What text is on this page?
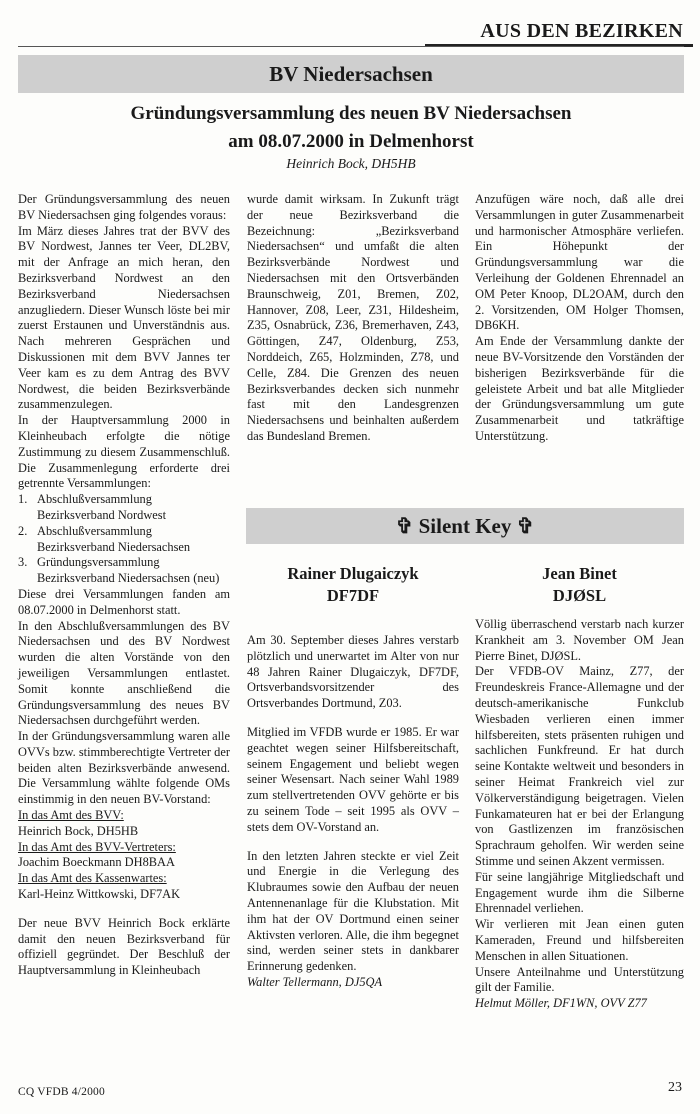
AUS DEN BEZIRKEN
BV Niedersachsen
Gründungsversammlung des neuen BV Niedersachsen
am 08.07.2000 in Delmenhorst
Heinrich Bock, DH5HB

Der Gründungsversammlung des neuen BV Niedersachsen ging folgendes voraus:

Im März dieses Jahres trat der BVV des BV Nordwest, Jannes ter Veer, DL2BV, mit der Anfrage an mich heran, den Bezirksverband Nordwest an den Bezirksverband Niedersachsen anzugliedern. Dieser Wunsch löste bei mir zuerst Erstaunen und Unverständnis aus. Nach mehreren Gesprächen und Diskussionen mit dem BVV Jannes ter Veer kam es zu dem Antrag des BVV Nordwest, die beiden Bezirksverbände zusammenzulegen.

In der Hauptversammlung 2000 in Kleinheubach erfolgte die nötige Zustimmung zu diesem Zusammenschluß. Die Zusammenlegung erforderte drei getrennte Versammlungen:

1. Abschlußversammlung Bezirksverband Nordwest
2. Abschlußversammlung Bezirksverband Niedersachsen
3. Gründungsversammlung Bezirksverband Niedersachsen (neu)

Diese drei Versammlungen fanden am 08.07.2000 in Delmenhorst statt.

In den Abschlußversammlungen des BV Niedersachsen und des BV Nordwest wurden die alten Vorstände von den jeweiligen Versammlungen entlastet. Somit konnte anschließend die Gründungsversammlung des neues BV Niedersachsen durchgeführt werden.

In der Gründungsversammlung waren alle OVVs bzw. stimmberechtigte Vertreter der beiden alten Bezirksverbände anwesend. Die Versammlung wählte folgende OMs einstimmig in den neuen BV-Vorstand:

In das Amt des BVV:

Heinrich Bock, DH5HB

In das Amt des BVV-Vertreters:

Joachim Boeckmann DH8BAA

In das Amt des Kassenwartes:

Karl-Heinz Wittkowski, DF7AK

Der neue BVV Heinrich Bock erklärte damit den neuen Bezirksverband für offiziell gegründet. Der Beschluß der Hauptversammlung in Kleinheubach

wurde damit wirksam. In Zukunft trägt der neue Bezirksverband die Bezeichnung: „Bezirksverband Niedersachsen“ und umfaßt die alten Bezirksverbände Nordwest und Niedersachsen mit den Ortsverbänden Braunschweig, Z01, Bremen, Z02, Hannover, Z08, Leer, Z31, Hildesheim, Z35, Osnabrück, Z36, Bremerhaven, Z43, Göttingen, Z47, Oldenburg, Z53, Norddeich, Z65, Holzminden, Z78, und Celle, Z84. Die Grenzen des neuen Bezirksverbandes decken sich nunmehr fast mit den Landesgrenzen Niedersachsens und beinhalten außerdem das Bundesland Bremen.

Anzufügen wäre noch, daß alle drei Versammlungen in guter Zusammenarbeit und harmonischer Atmosphäre verliefen. Ein Höhepunkt der Gründungsversammlung war die Verleihung der Goldenen Ehrennadel an OM Peter Knoop, DL2OAM, durch den 2. Vorsitzenden, OM Holger Thomsen, DB6KH.

Am Ende der Versammlung dankte der neue BV-Vorsitzende den Vorständen der bisherigen Bezirksverbände für die geleistete Arbeit und bat alle Mitglieder der Gründungsversammlung um gute Zusammenarbeit und tatkräftige Unterstützung.

✞ Silent Key ✞
Rainer Dlugaiczyk
DF7DF
Jean Binet
DJØSL

Am 30. September dieses Jahres verstarb plötzlich und unerwartet im Alter von nur 48 Jahren Rainer Dlugaiczyk, DF7DF, Ortsverbandsvorsitzender des Ortsverbandes Dortmund, Z03.

Mitglied im VFDB wurde er 1985. Er war geachtet wegen seiner Hilfsbereitschaft, seinem Engagement und beliebt wegen seiner Wesensart. Nach seiner Wahl 1989 zum stellvertretenden OVV gehörte er bis zu seinem Tode – seit 1995 als OVV – stets dem OV-Vorstand an.

In den letzten Jahren steckte er viel Zeit und Energie in die Verlegung des Klubraumes sowie den Aufbau der neuen Antennenanlage für die Klubstation. Mit ihm hat der OV Dortmund einen seiner Aktivsten verloren. Alle, die ihm begegnet sind, werden seiner stets in dankbarer Erinnerung gedenken.

Walter Tellermann, DJ5QA

Völlig überraschend verstarb nach kurzer Krankheit am 3. November OM Jean Pierre Binet, DJØSL.

Der VFDB-OV Mainz, Z77, der Freundeskreis France-Allemagne und der deutsch-amerikanische Funkclub Wiesbaden verlieren einen immer hilfsbereiten, stets präsenten ruhigen und sachlichen Funkfreund. Er hat durch seine Kontakte weltweit und besonders in seiner Heimat Frankreich viel zur Völkerverständigung beigetragen. Vielen Funkamateuren hat er bei der Erlangung von Gastlizenzen im französischen Sprachraum geholfen. Wir werden seine Stimme und seinen Akzent vermissen.

Für seine langjährige Mitgliedschaft und Engagement wurde ihm die Silberne Ehrennadel verliehen.

Wir verlieren mit Jean einen guten Kameraden, Freund und hilfsbereiten Menschen in allen Situationen.

Unsere Anteilnahme und Unterstützung gilt der Familie.

Helmut Möller, DF1WN, OVV Z77

CQ VFDB 4/2000	23
